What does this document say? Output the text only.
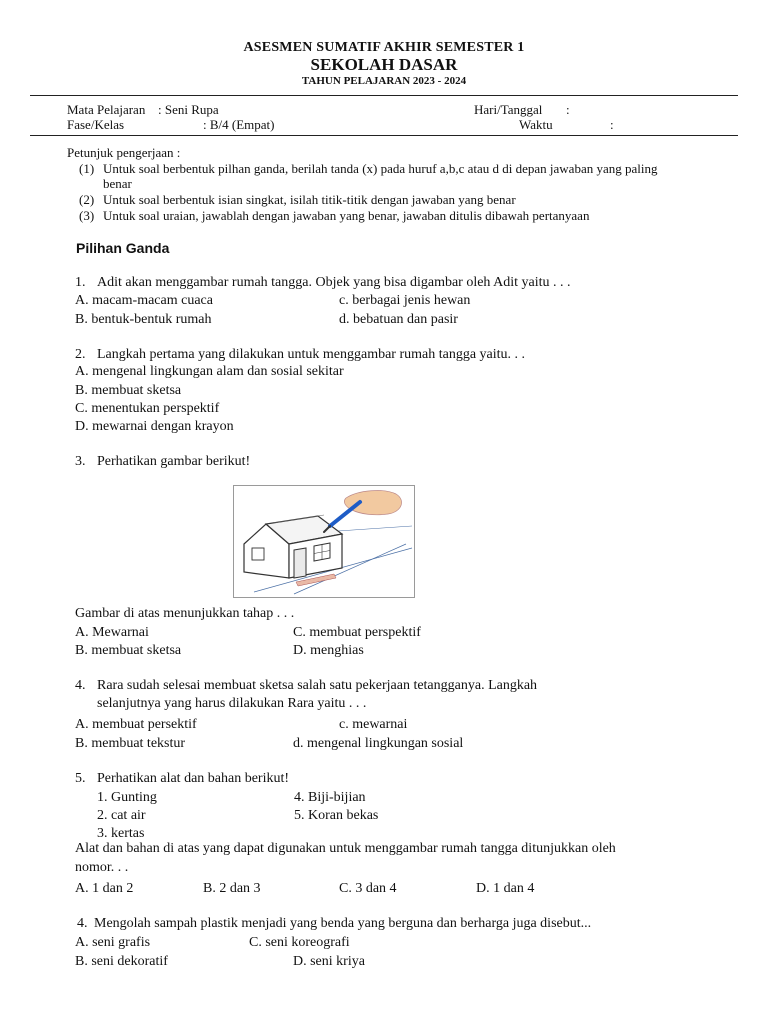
ASESMEN SUMATIF AKHIR SEMESTER 1
SEKOLAH DASAR
TAHUN PELAJARAN 2023 - 2024
Mata Pelajaran : Seni Rupa	Hari/Tanggal :
Fase/Kelas	: B/4 (Empat)	Waktu	:
Petunjuk pengerjaan :
(1) Untuk soal berbentuk pilhan ganda, berilah tanda (x) pada huruf a,b,c atau d di depan jawaban yang paling
benar
(2) Untuk soal berbentuk isian singkat, isilah titik-titik dengan jawaban yang benar
(3) Untuk soal uraian, jawablah dengan jawaban yang benar, jawaban ditulis dibawah pertanyaan
Pilihan Ganda
1. Adit akan menggambar rumah tangga. Objek yang bisa digambar oleh Adit yaitu . . .
A. macam-macam cuaca	c. berbagai jenis hewan
B. bentuk-bentuk rumah	d. bebatuan dan pasir
2. Langkah pertama yang dilakukan untuk menggambar rumah tangga yaitu. . .
A. mengenal lingkungan alam dan sosial sekitar
B. membuat sketsa
C. menentukan perspektif
D. mewarnai dengan krayon
3. Perhatikan gambar berikut!
Gambar di atas menunjukkan tahap . . .
A. Mewarnai	C. membuat perspektif
B. membuat sketsa	D. menghias
4. Rara sudah selesai membuat sketsa salah satu pekerjaan tetangganya. Langkah
selanjutnya yang harus dilakukan Rara yaitu . . .
A. membuat persektif	c. mewarnai
B. membuat tekstur	d. mengenal lingkungan sosial
5. Perhatikan alat dan bahan berikut!
1. Gunting	4. Biji-bijian
2. cat air	5. Koran bekas
3. kertas
Alat dan bahan di atas yang dapat digunakan untuk menggambar rumah tangga ditunjukkan oleh
nomor. . .
A. 1 dan 2	B. 2 dan 3	C. 3 dan 4	D. 1 dan 4
4. Mengolah sampah plastik menjadi yang benda yang berguna dan berharga juga disebut...
A. seni grafis	C. seni koreografi
B. seni dekoratif	D. seni kriya
